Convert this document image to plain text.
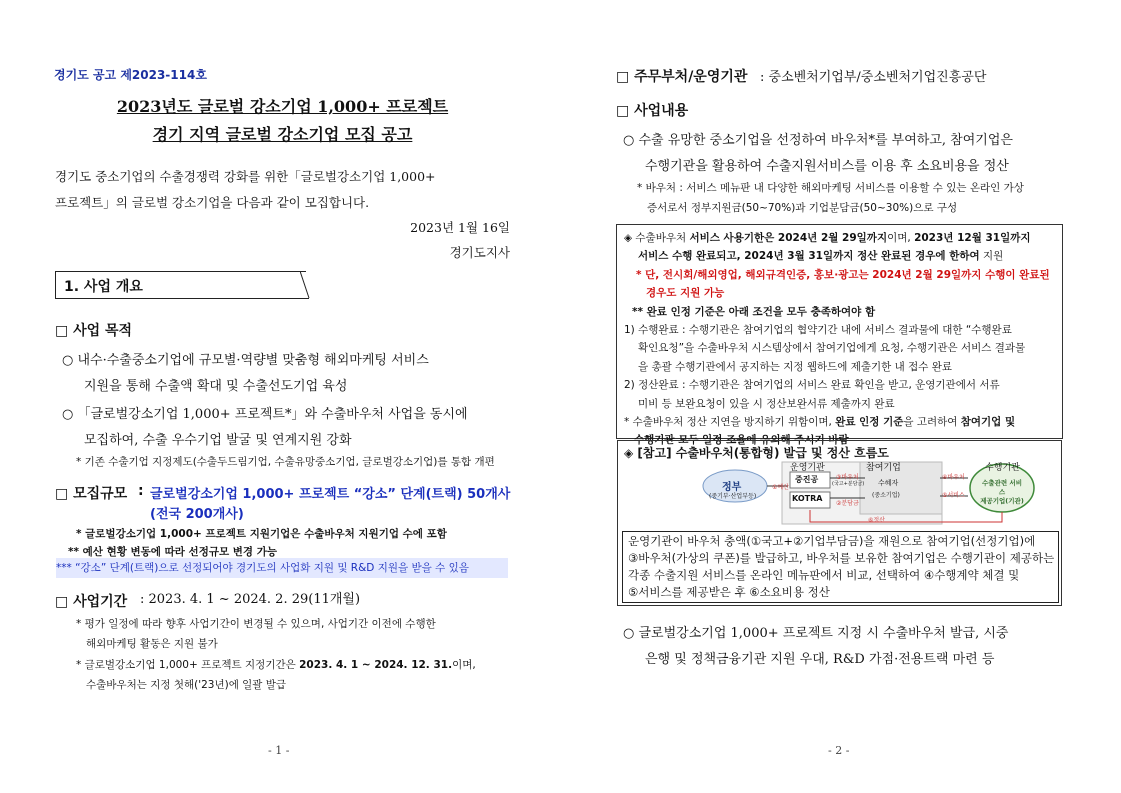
경기도 공고 제2023-114호
2023년도 글로벌 강소기업 1,000+ 프로젝트
경기 지역 글로벌 강소기업 모집 공고
경기도 중소기업의 수출경쟁력 강화를 위한「글로벌강소기업 1,000+
프로젝트」의 글로벌 강소기업을 다음과 같이 모집합니다.
2023년 1월 16일
경기도지사
1. 사업 개요
□ 사업 목적
○ 내수·수출중소기업에 규모별·역량별 맞춤형 해외마케팅 서비스
지원을 통해 수출액 확대 및 수출선도기업 육성
○ 「글로벌강소기업 1,000+ 프로젝트*」와 수출바우처 사업을 동시에
모집하여, 수출 우수기업 발굴 및 연계지원 강화
* 기존 수출기업 지정제도(수출두드림기업, 수출유망중소기업, 글로벌강소기업)를 통합 개편
□ 모집규모 : 글로벌강소기업 1,000+ 프로젝트 “강소” 단계(트랙) 50개사
(전국 200개사)
* 글로벌강소기업 1,000+ 프로젝트 지원기업은 수출바우처 지원기업 수에 포함
** 예산 현황 변동에 따라 선정규모 변경 가능
*** “강소” 단계(트랙)으로 선정되어야 경기도의 사업화 지원 및 R&D 지원을 받을 수 있음
□ 사업기간 : 2023. 4. 1 ~ 2024. 2. 29(11개월)
* 평가 일정에 따라 향후 사업기간이 변경될 수 있으며, 사업기간 이전에 수행한
해외마케팅 활동은 지원 불가
* 글로벌강소기업 1,000+ 프로젝트 지정기간은 2023. 4. 1 ~ 2024. 12. 31.이며,
수출바우처는 지정 첫해('23년)에 일괄 발급
- 1 -
□ 주무부처/운영기관 : 중소벤처기업부/중소벤처기업진흥공단
□ 사업내용
○ 수출 유망한 중소기업을 선정하여 바우처*를 부여하고, 참여기업은
수행기관을 활용하여 수출지원서비스를 이용 후 소요비용을 정산
* 바우처 : 서비스 메뉴판 내 다양한 해외마케팅 서비스를 이용할 수 있는 온라인 가상
증서로서 정부지원금(50~70%)과 기업분담금(50~30%)으로 구성
◈ 수출바우처 서비스 사용기한은 2024년 2월 29일까지이며, 2023년 12월 31일까지
서비스 수행 완료되고, 2024년 3월 31일까지 정산 완료된 경우에 한하여 지원
* 단, 전시회/해외영업, 해외규격인증, 홍보·광고는 2024년 2월 29일까지 수행이 완료된
경우도 지원 가능
** 완료 인정 기준은 아래 조건을 모두 충족하여야 함
1) 수행완료 : 수행기관은 참여기업의 협약기간 내에 서비스 결과물에 대한 “수행완료
확인요청”을 수출바우처 시스템상에서 참여기업에게 요청, 수행기관은 서비스 결과물
을 총괄 수행기관에서 공지하는 지정 웹하드에 제출기한 내 접수 완료
2) 정산완료 : 수행기관은 참여기업의 서비스 완료 확인을 받고, 운영기관에서 서류
미비 등 보완요청이 있을 시 정산보완서류 제출까지 완료
* 수출바우처 정산 지연을 방지하기 위함이며, 완료 인정 기준을 고려하여 참여기업 및
수행기관 모두 일정 조율에 유의해 주시기 바람
◈ [참고] 수출바우처(통합형) 발급 및 정산 흐름도
운영기관	참여기업	수행기관
정부
(중기부·산업부등)
①예산
중진공
KOTRA
③바우처
(국고+분담금)
②분담금
수혜자
(중소기업)
④바우처
⑤서비스
수출관련 서비스
제공기업(기관)
⑥정산
운영기관이 바우처 충액(①국고+②기업부담금)을 재원으로 참여기업(선정기업)에
③바우처(가상의 쿠폰)를 발급하고, 바우처를 보유한 참여기업은 수행기관이 제공하는
각종 수출지원 서비스를 온라인 메뉴판에서 비교, 선택하여 ④수행계약 체결 및
⑤서비스를 제공받은 후 ⑥소요비용 정산
○ 글로벌강소기업 1,000+ 프로젝트 지정 시 수출바우처 발급, 시중
은행 및 정책금융기관 지원 우대, R&D 가점·전용트랙 마련 등
- 2 -
